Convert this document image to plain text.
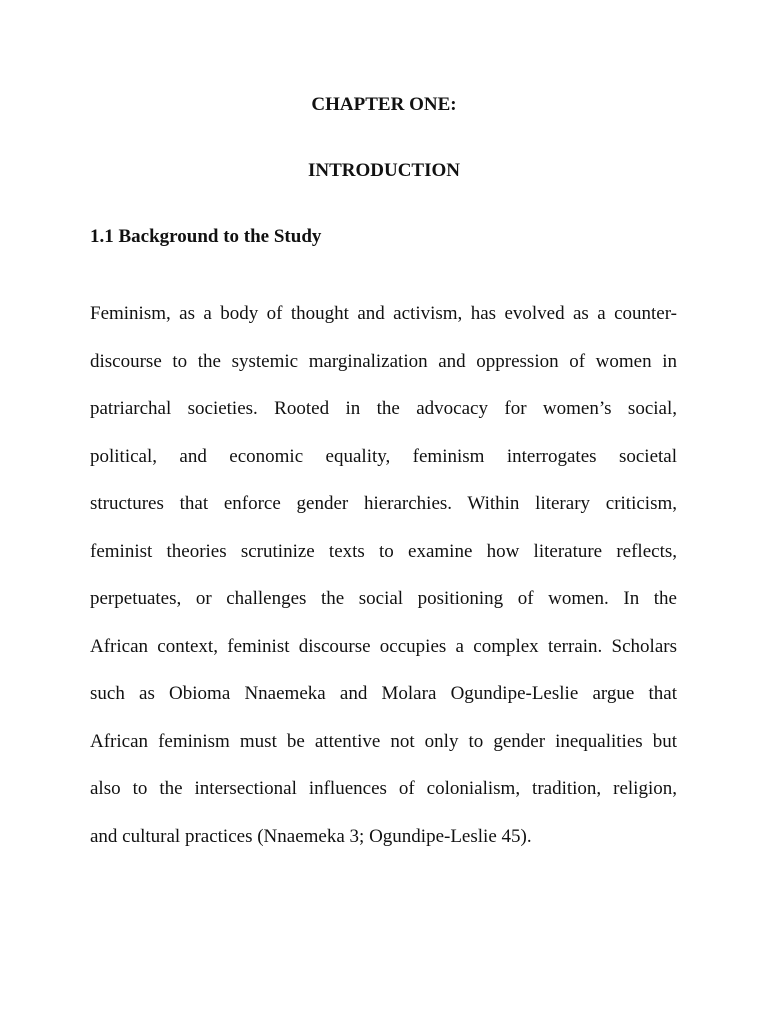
CHAPTER ONE:
INTRODUCTION
1.1 Background to the Study

Feminism, as a body of thought and activism, has evolved as a counter-
discourse to the systemic marginalization and oppression of women in
patriarchal societies. Rooted in the advocacy for women’s social,
political, and economic equality, feminism interrogates societal
structures that enforce gender hierarchies. Within literary criticism,
feminist theories scrutinize texts to examine how literature reflects,
perpetuates, or challenges the social positioning of women. In the
African context, feminist discourse occupies a complex terrain. Scholars
such as Obioma Nnaemeka and Molara Ogundipe-Leslie argue that
African feminism must be attentive not only to gender inequalities but
also to the intersectional influences of colonialism, tradition, religion,
and cultural practices (Nnaemeka 3; Ogundipe-Leslie 45).
